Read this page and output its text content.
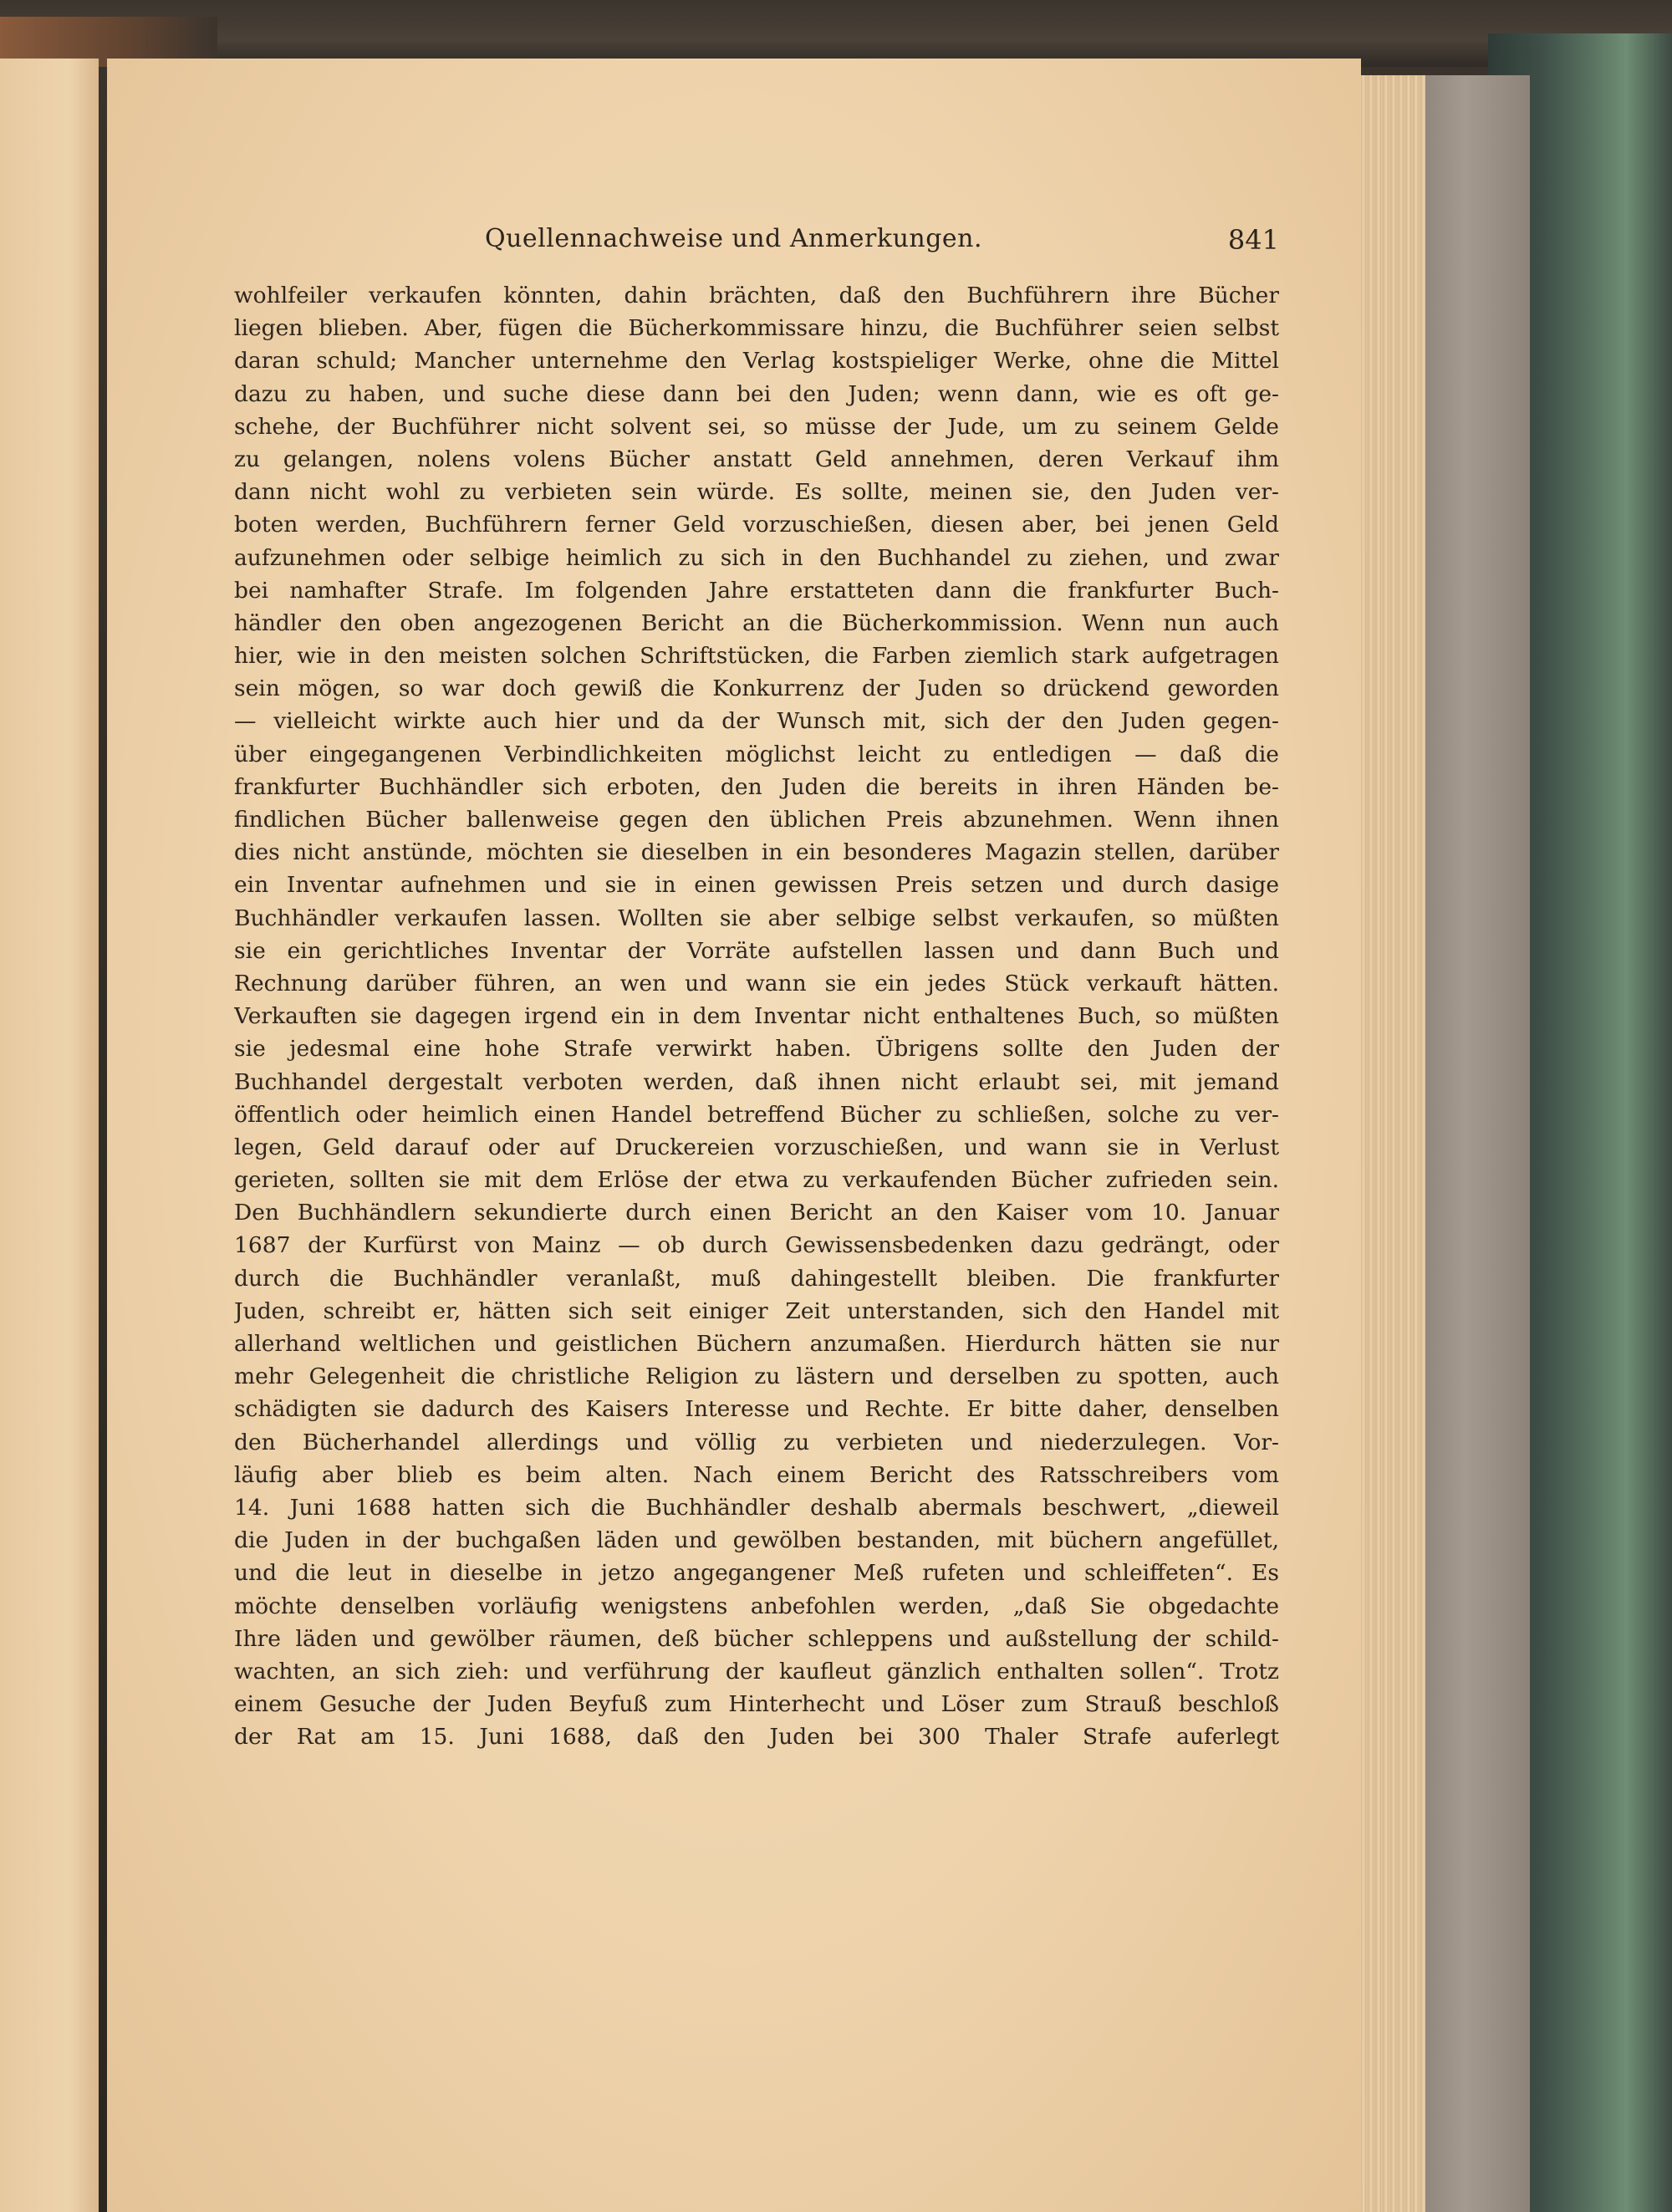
Quellennachweise und Anmerkungen.	841
wohlfeiler verkaufen könnten, dahin brächten, daß den Buchführern ihre Bücher
liegen blieben. Aber, fügen die Bücherkommissare hinzu, die Buchführer seien selbst
daran schuld; Mancher unternehme den Verlag kostspieliger Werke, ohne die Mittel
dazu zu haben, und suche diese dann bei den Juden; wenn dann, wie es oft ge-
schehe, der Buchführer nicht solvent sei, so müsse der Jude, um zu seinem Gelde
zu gelangen, nolens volens Bücher anstatt Geld annehmen, deren Verkauf ihm
dann nicht wohl zu verbieten sein würde. Es sollte, meinen sie, den Juden ver-
boten werden, Buchführern ferner Geld vorzuschießen, diesen aber, bei jenen Geld
aufzunehmen oder selbige heimlich zu sich in den Buchhandel zu ziehen, und zwar
bei namhafter Strafe. Im folgenden Jahre erstatteten dann die frankfurter Buch-
händler den oben angezogenen Bericht an die Bücherkommission. Wenn nun auch
hier, wie in den meisten solchen Schriftstücken, die Farben ziemlich stark aufgetragen
sein mögen, so war doch gewiß die Konkurrenz der Juden so drückend geworden
— vielleicht wirkte auch hier und da der Wunsch mit, sich der den Juden gegen-
über eingegangenen Verbindlichkeiten möglichst leicht zu entledigen — daß die
frankfurter Buchhändler sich erboten, den Juden die bereits in ihren Händen be-
findlichen Bücher ballenweise gegen den üblichen Preis abzunehmen. Wenn ihnen
dies nicht anstünde, möchten sie dieselben in ein besonderes Magazin stellen, darüber
ein Inventar aufnehmen und sie in einen gewissen Preis setzen und durch dasige
Buchhändler verkaufen lassen. Wollten sie aber selbige selbst verkaufen, so müßten
sie ein gerichtliches Inventar der Vorräte aufstellen lassen und dann Buch und
Rechnung darüber führen, an wen und wann sie ein jedes Stück verkauft hätten.
Verkauften sie dagegen irgend ein in dem Inventar nicht enthaltenes Buch, so müßten
sie jedesmal eine hohe Strafe verwirkt haben. Übrigens sollte den Juden der
Buchhandel dergestalt verboten werden, daß ihnen nicht erlaubt sei, mit jemand
öffentlich oder heimlich einen Handel betreffend Bücher zu schließen, solche zu ver-
legen, Geld darauf oder auf Druckereien vorzuschießen, und wann sie in Verlust
gerieten, sollten sie mit dem Erlöse der etwa zu verkaufenden Bücher zufrieden sein.
Den Buchhändlern sekundierte durch einen Bericht an den Kaiser vom 10. Januar
1687 der Kurfürst von Mainz — ob durch Gewissensbedenken dazu gedrängt, oder
durch die Buchhändler veranlaßt, muß dahingestellt bleiben. Die frankfurter
Juden, schreibt er, hätten sich seit einiger Zeit unterstanden, sich den Handel mit
allerhand weltlichen und geistlichen Büchern anzumaßen. Hierdurch hätten sie nur
mehr Gelegenheit die christliche Religion zu lästern und derselben zu spotten, auch
schädigten sie dadurch des Kaisers Interesse und Rechte. Er bitte daher, denselben
den Bücherhandel allerdings und völlig zu verbieten und niederzulegen. Vor-
läufig aber blieb es beim alten. Nach einem Bericht des Ratsschreibers vom
14. Juni 1688 hatten sich die Buchhändler deshalb abermals beschwert, „dieweil
die Juden in der buchgaßen läden und gewölben bestanden, mit büchern angefüllet,
und die leut in dieselbe in jetzo angegangener Meß rufeten und schleiffeten“. Es
möchte denselben vorläufig wenigstens anbefohlen werden, „daß Sie obgedachte
Ihre läden und gewölber räumen, deß bücher schleppens und außstellung der schild-
wachten, an sich zieh: und verführung der kaufleut gänzlich enthalten sollen“. Trotz
einem Gesuche der Juden Beyfuß zum Hinterhecht und Löser zum Strauß beschloß
der Rat am 15. Juni 1688, daß den Juden bei 300 Thaler Strafe auferlegt
